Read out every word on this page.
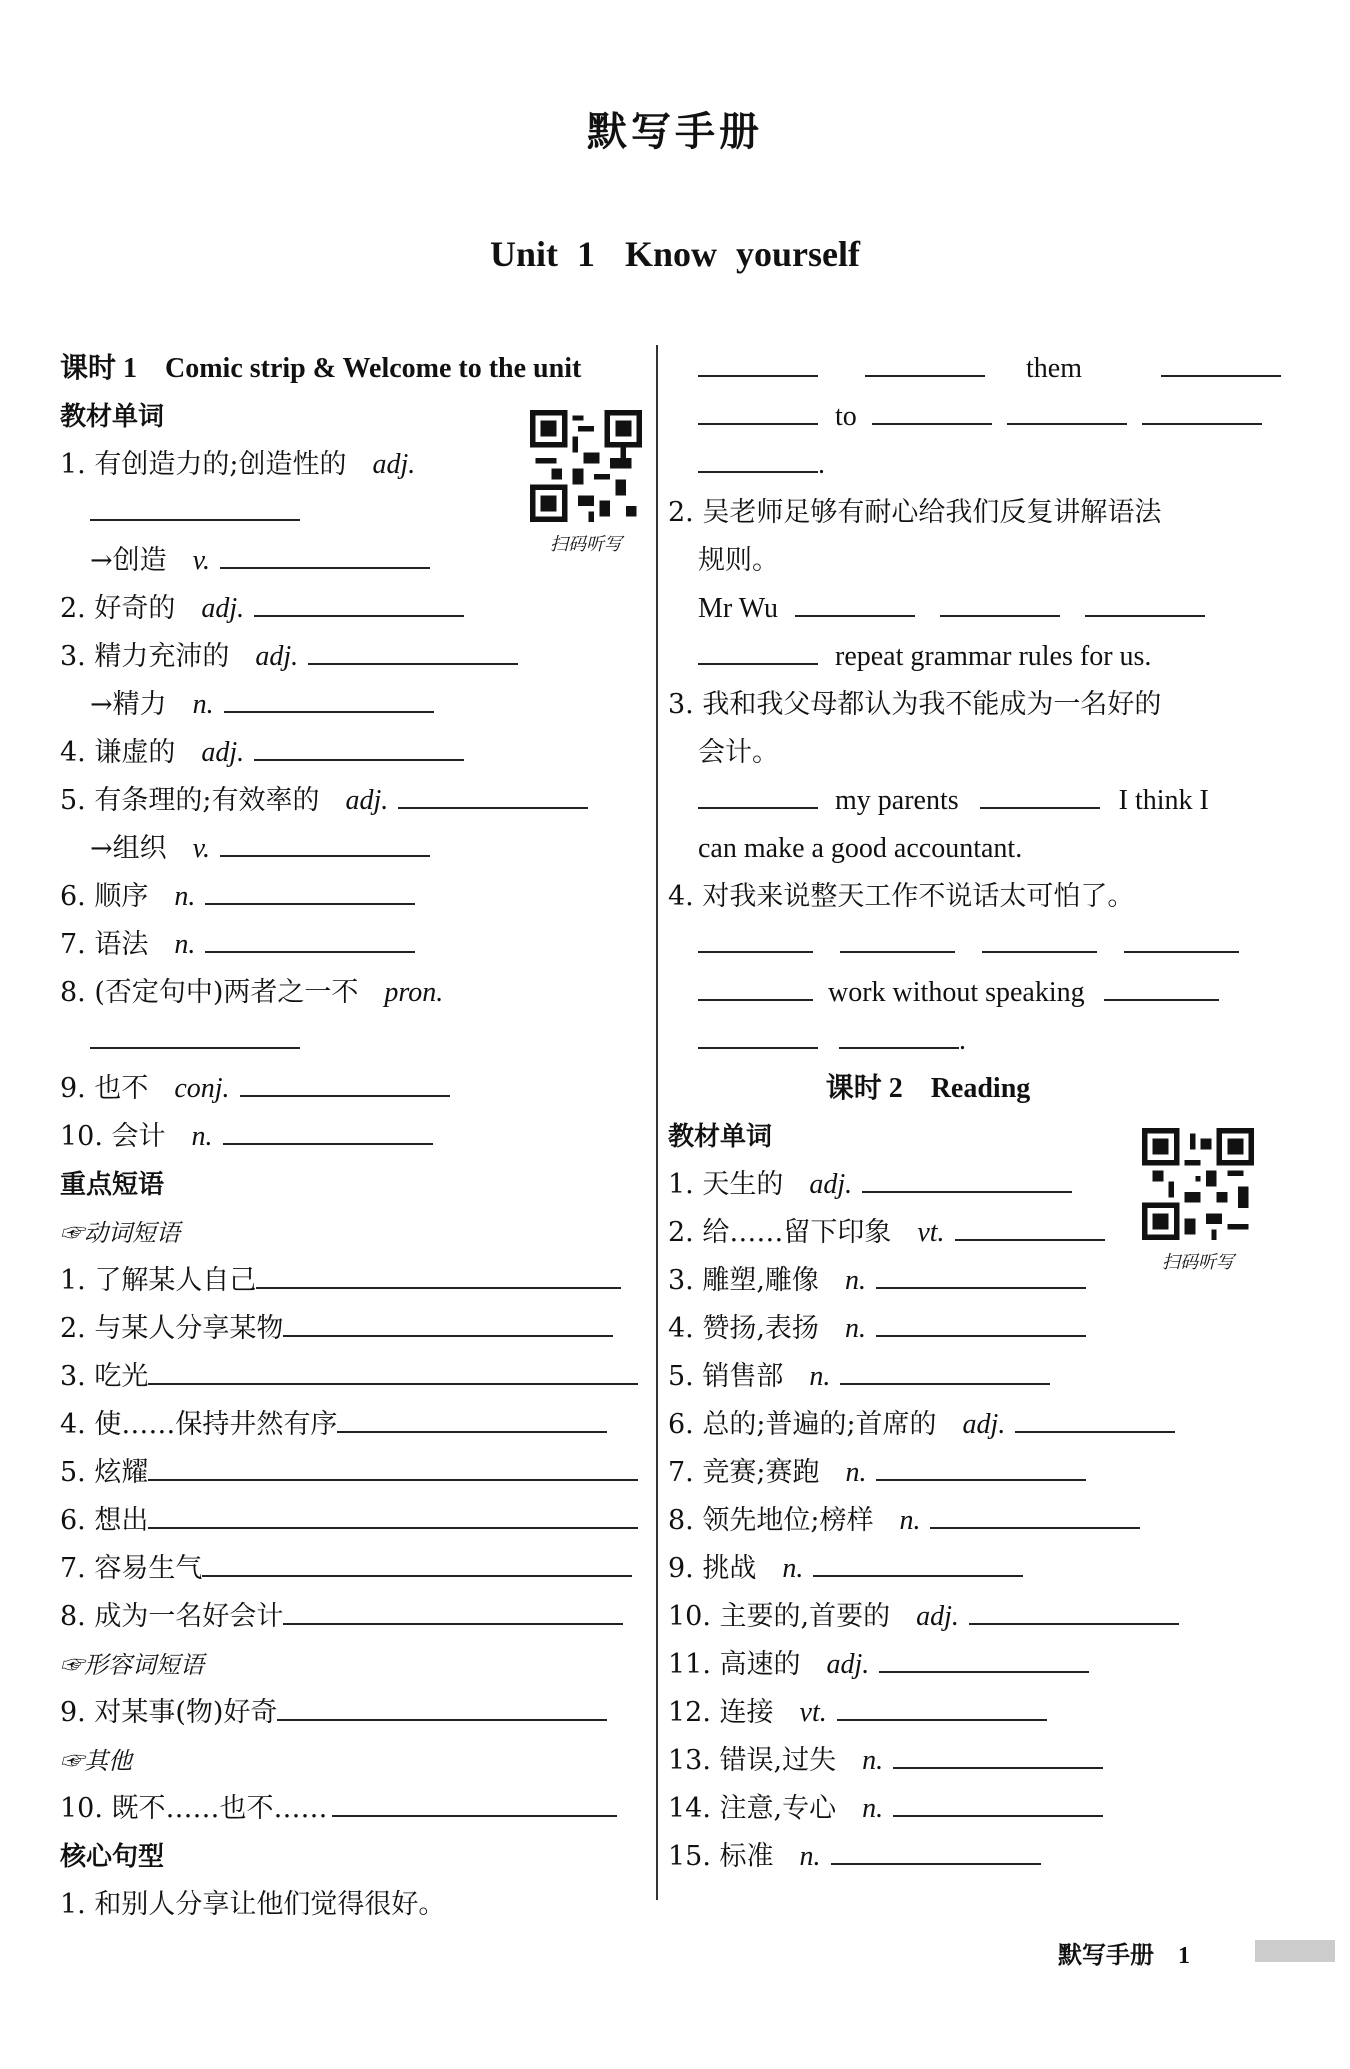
默写手册
Unit 1 Know yourself
课时 1　Comic strip & Welcome to the unit
教材单词
1. 有创造力的;创造性的 adj.
→创造 v.
2. 好奇的 adj.
3. 精力充沛的 adj.
→精力 n.
4. 谦虚的 adj.
5. 有条理的;有效率的 adj.
→组织 v.
6. 顺序 n.
7. 语法 n.
8. (否定句中)两者之一不 pron.
9. 也不 conj.
10. 会计 n.
重点短语
☞动词短语
1. 了解某人自己
2. 与某人分享某物
3. 吃光
4. 使……保持井然有序
5. 炫耀
6. 想出
7. 容易生气
8. 成为一名好会计
☞形容词短语
9. 对某事(物)好奇
☞其他
10. 既不……也不……
核心句型
1. 和别人分享让他们觉得很好。
扫码听写
them
to
.
2. 吴老师足够有耐心给我们反复讲解语法
规则。
Mr Wu
repeat grammar rules for us.
3. 我和我父母都认为我不能成为一名好的
会计。
my parents	I think I
can make a good accountant.
4. 对我来说整天工作不说话太可怕了。

work without speaking
.
课时 2　Reading
教材单词
1. 天生的 adj.
2. 给……留下印象 vt.
3. 雕塑,雕像 n.
4. 赞扬,表扬 n.
5. 销售部 n.
6. 总的;普遍的;首席的 adj.
7. 竞赛;赛跑 n.
8. 领先地位;榜样 n.
9. 挑战 n.
10. 主要的,首要的 adj.
11. 高速的 adj.
12. 连接 vt.
13. 错误,过失 n.
14. 注意,专心 n.
15. 标准 n.
扫码听写
默写手册 1
